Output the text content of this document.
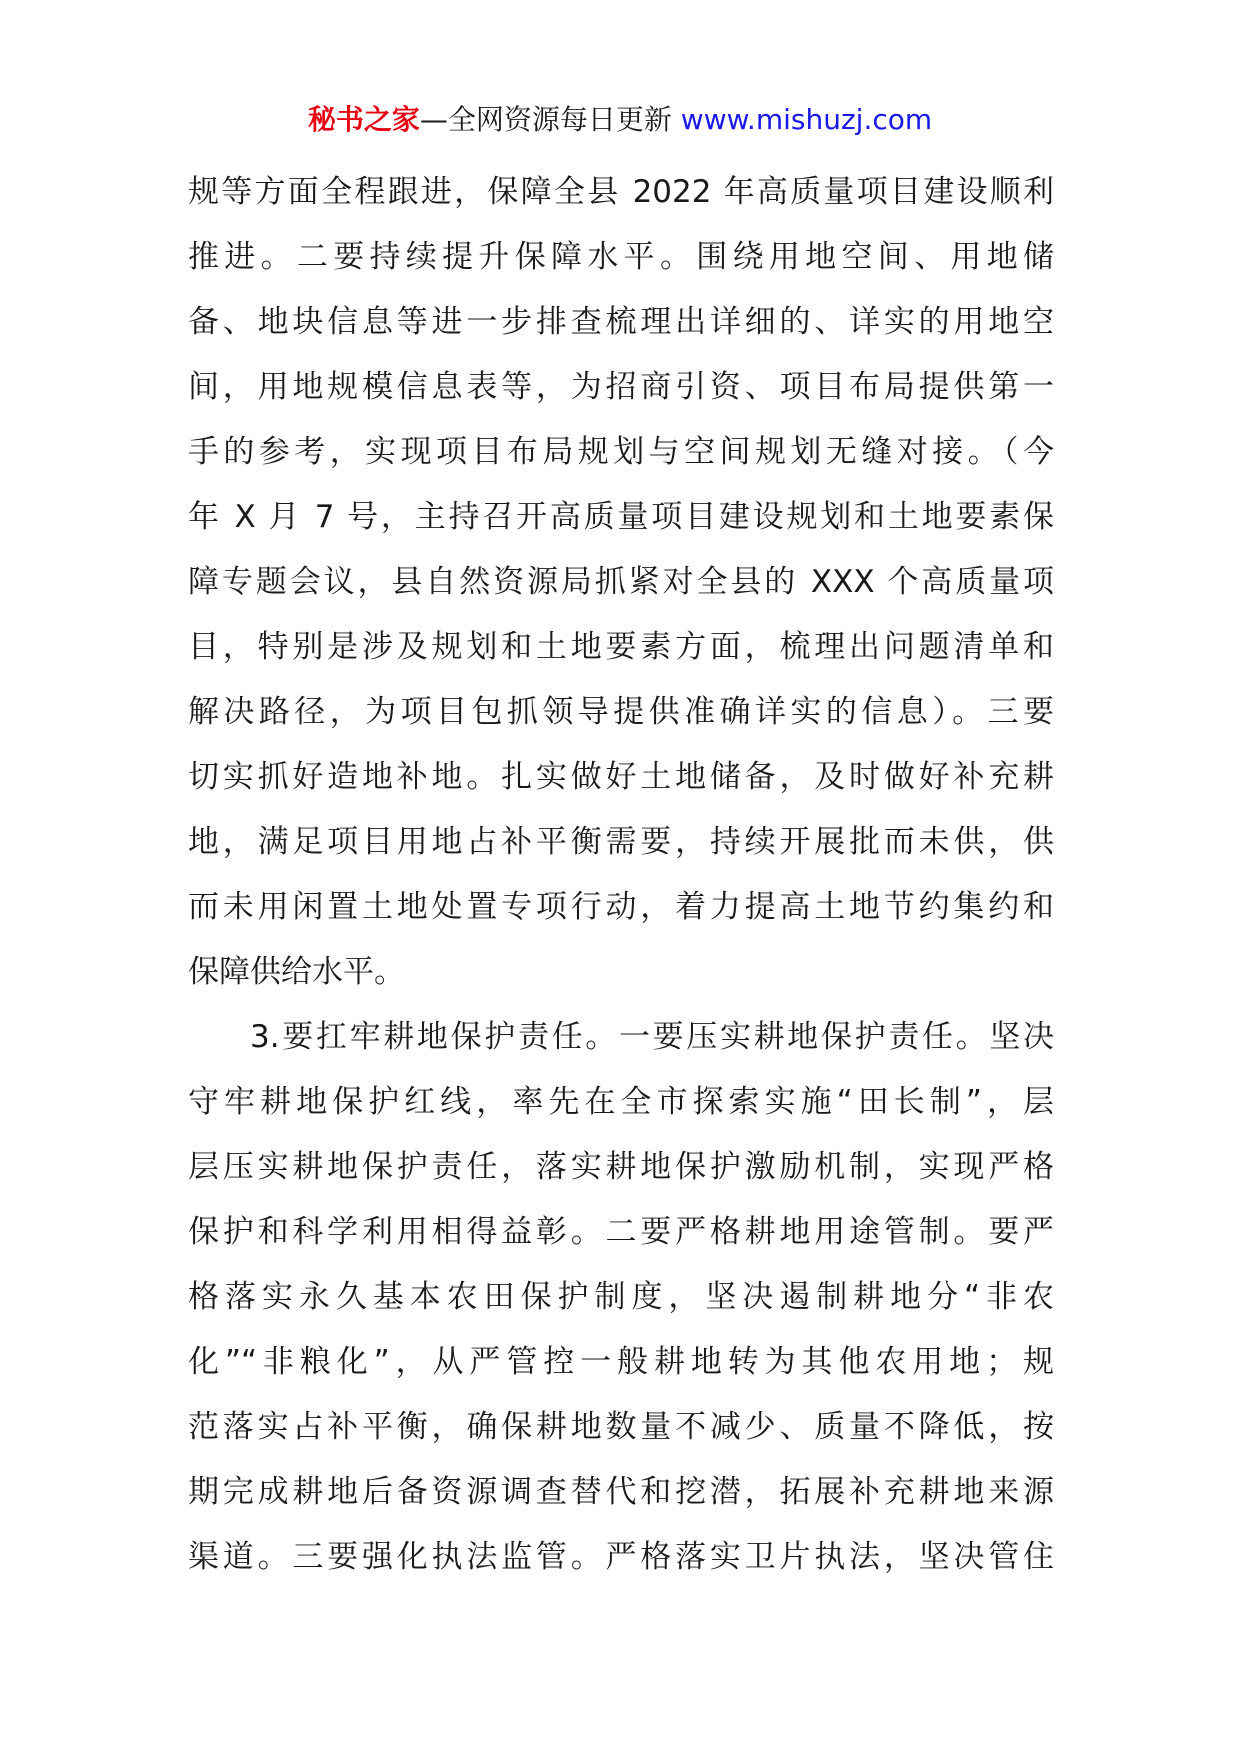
秘书之家—全网资源每日更新 www.mishuzj.com
规等方面全程跟进，保障全县 2022 年高质量项目建设顺利
推进。二要持续提升保障水平。围绕用地空间、用地储
备、地块信息等进一步排查梳理出详细的、详实的用地空
间，用地规模信息表等，为招商引资、项目布局提供第一
手的参考，实现项目布局规划与空间规划无缝对接。（今
年 X 月 7 号，主持召开高质量项目建设规划和土地要素保
障专题会议，县自然资源局抓紧对全县的 XXX 个高质量项
目，特别是涉及规划和土地要素方面，梳理出问题清单和
解决路径，为项目包抓领导提供准确详实的信息）。三要
切实抓好造地补地。扎实做好土地储备，及时做好补充耕
地，满足项目用地占补平衡需要，持续开展批而未供，供
而未用闲置土地处置专项行动，着力提高土地节约集约和
保障供给水平。
3.要扛牢耕地保护责任。一要压实耕地保护责任。坚决
守牢耕地保护红线，率先在全市探索实施“田长制”，层
层压实耕地保护责任，落实耕地保护激励机制，实现严格
保护和科学利用相得益彰。二要严格耕地用途管制。要严
格落实永久基本农田保护制度，坚决遏制耕地分“非农
化”“非粮化”，从严管控一般耕地转为其他农用地；规
范落实占补平衡，确保耕地数量不减少、质量不降低，按
期完成耕地后备资源调查替代和挖潜，拓展补充耕地来源
渠道。三要强化执法监管。严格落实卫片执法，坚决管住
